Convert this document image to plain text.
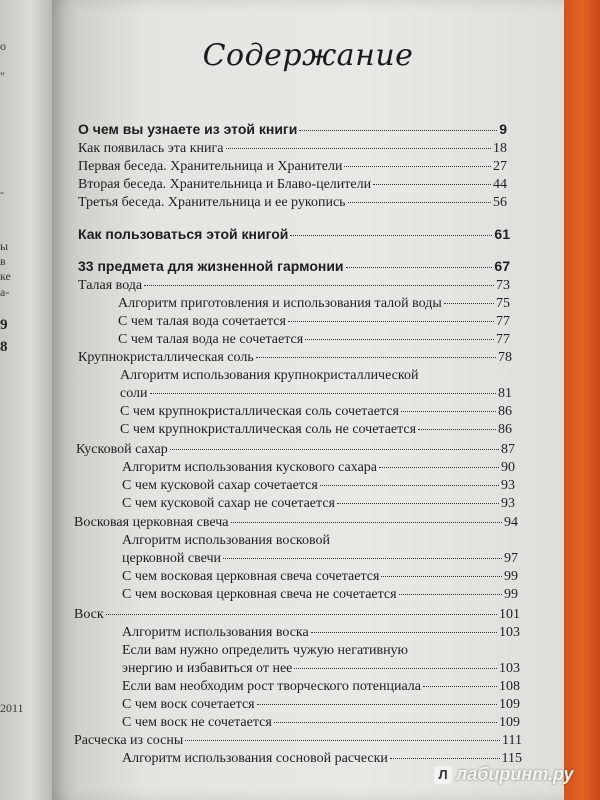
о
"
-
ы
в
ке
а-
9
8
2011
Содержание
О чем вы узнаете из этой книги	9
Как появилась эта книга	18
Первая беседа. Хранительница и Хранители	27
Вторая беседа. Хранительница и Блаво-целители	44
Третья беседа. Хранительница и ее рукопись	56
Как пользоваться этой книгой	61
33 предмета для жизненной гармонии	67
Талая вода	73
Алгоритм приготовления и использования талой воды	75
С чем талая вода сочетается	77
С чем талая вода не сочетается	77
Крупнокристаллическая соль	78
Алгоритм использования крупнокристаллической
соли	81
С чем крупнокристаллическая соль сочетается	86
С чем крупнокристаллическая соль не сочетается	86
Кусковой сахар	87
Алгоритм использования кускового сахара	90
С чем кусковой сахар сочетается	93
С чем кусковой сахар не сочетается	93
Восковая церковная свеча	94
Алгоритм использования восковой
церковной свечи	97
С чем восковая церковная свеча сочетается	99
С чем восковая церковная свеча не сочетается	99
Воск	101
Алгоритм использования воска	103
Если вам нужно определить чужую негативную
энергию и избавиться от нее	103
Если вам необходим рост творческого потенциала	108
С чем воск сочетается	109
С чем воск не сочетается	109
Расческа из сосны	111
Алгоритм использования сосновой расчески	115
Л лабиринт.ру
